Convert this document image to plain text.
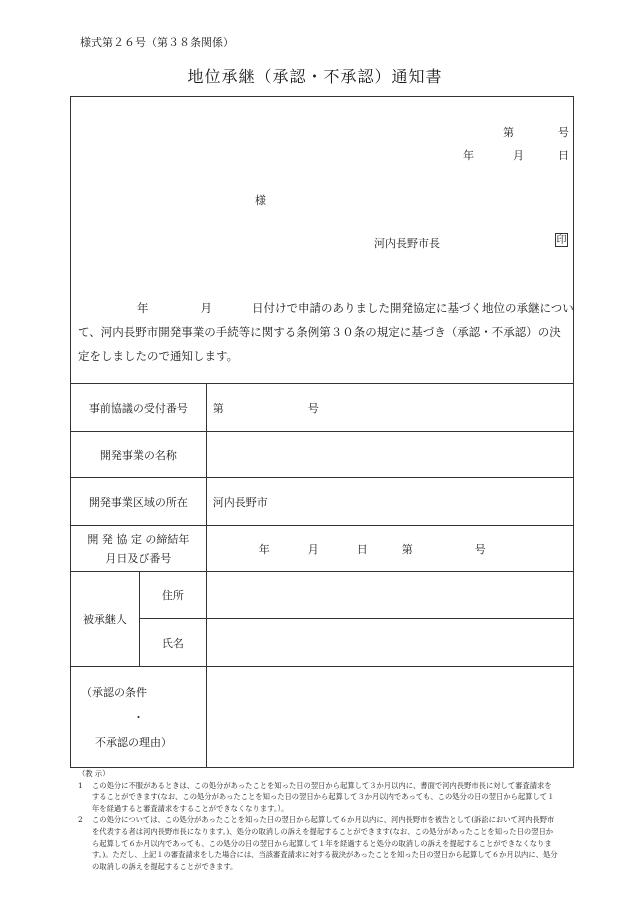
様式第２６号（第３８条関係）
地位承継（承認・不承認）通知書
第	号
年	月	日
様
河内長野市長	印
年	月	日付けで申請のありました開発協定に基づく地位の承継につい
て、河内長野市開発事業の手続等に関する条例第３０条の規定に基づき（承認・不承認）の決
定をしましたので通知します。
事前協議の受付番号		第 号
開発事業の名称		
開発事業区域の所在		河内長野市
開 発 協 定 の締結年
月日及び番号		年 月 日 第 号
被承継人	住所	
	氏名	
（承認の条件
・
不承認の理由）		
（教 示）
1 この処分に不服があるときは、この処分があったことを知った日の翌日から起算して３か月以内に、書面で河内長野市長に対して審査請求をすることができます(なお、この処分があったことを知った日の翌日から起算して３か月以内であっても、この処分の日の翌日から起算して１年を経過すると審査請求をすることができなくなります。）。
2 この処分については、この処分があったことを知った日の翌日から起算して６か月以内に、河内長野市を被告として(訴訟において河内長野市を代表する者は河内長野市長になります。)、処分の取消しの訴えを提起することができます(なお、この処分があったことを知った日の翌日から起算して６か月以内であっても、この処分の日の翌日から起算して１年を経過すると処分の取消しの訴えを提起することができなくなります。)。ただし、上記１の審査請求をした場合には、当該審査請求に対する裁決があったことを知った日の翌日から起算して６か月以内に、処分の取消しの訴えを提起することができます。
